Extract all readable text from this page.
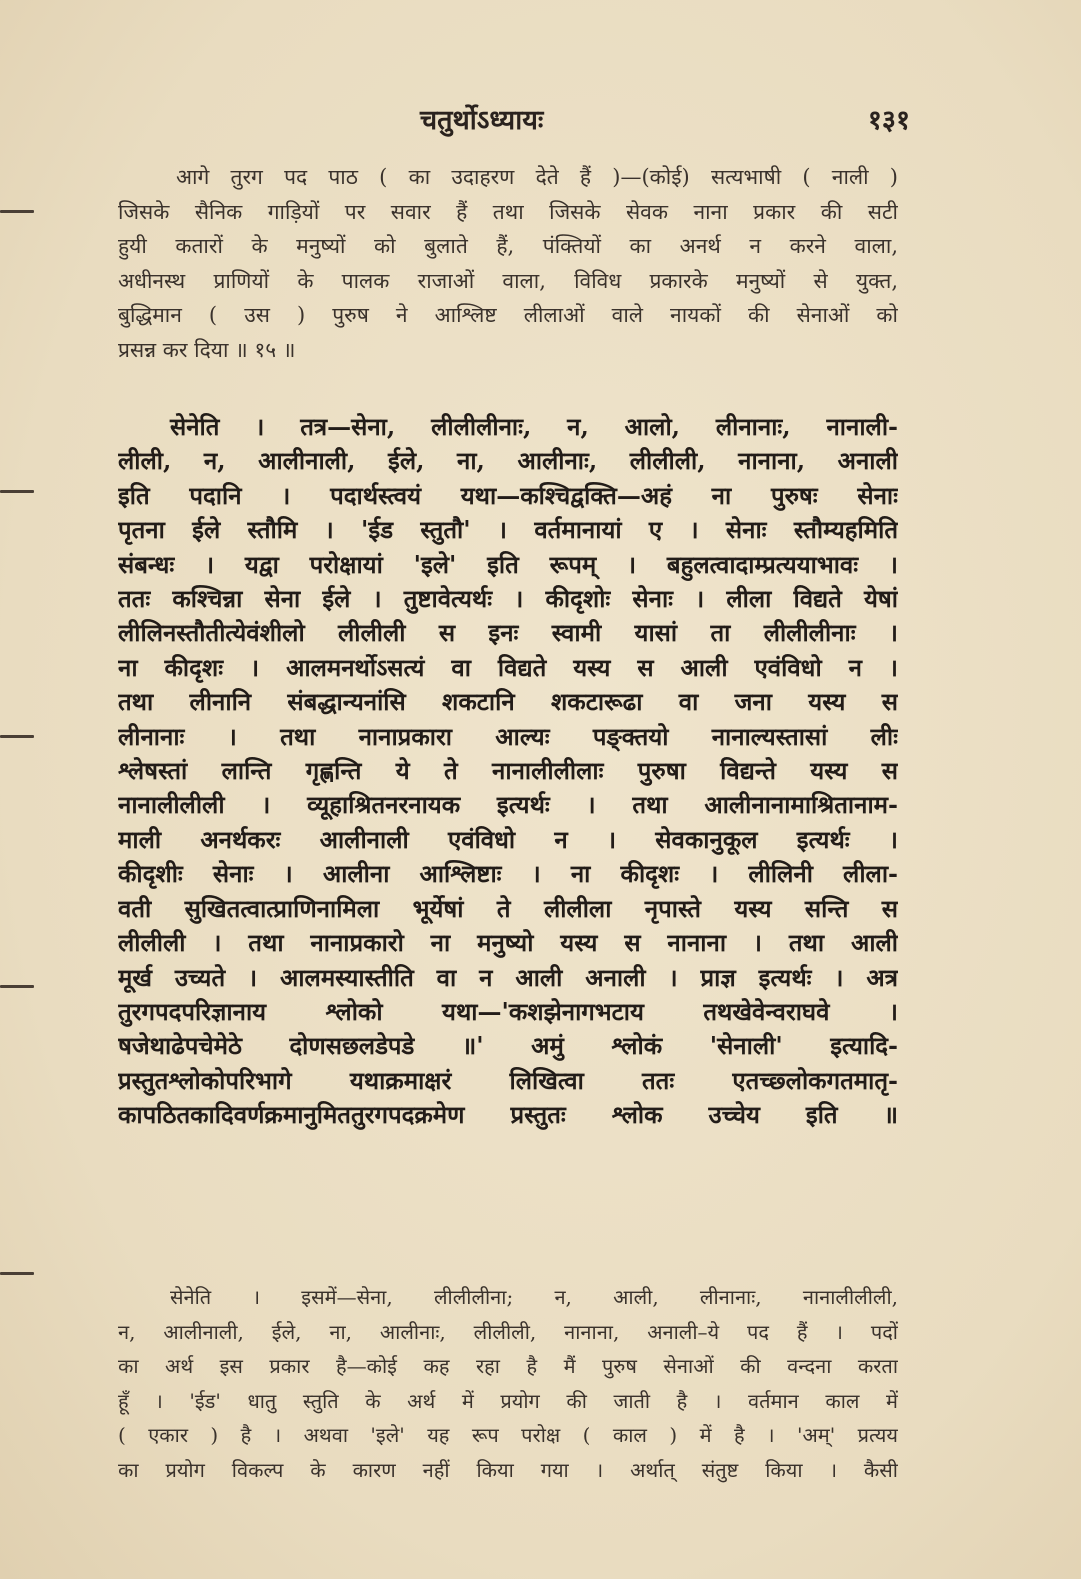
चतुर्थोऽध्यायः	१३१
आगे तुरग पद पाठ ( का उदाहरण देते हैं )—(कोई) सत्यभाषी ( नाली )
जिसके सैनिक गाड़ियों पर सवार हैं तथा जिसके सेवक नाना प्रकार की सटी
हुयी कतारों के मनुष्यों को बुलाते हैं, पंक्तियों का अनर्थ न करने वाला,
अधीनस्थ प्राणियों के पालक राजाओं वाला, विविध प्रकारके मनुष्यों से युक्त,
बुद्धिमान ( उस ) पुरुष ने आश्लिष्ट लीलाओं वाले नायकों की सेनाओं को
प्रसन्न कर दिया ॥ १५ ॥
सेनेति । तत्र—सेना, लीलीलीनाः, न, आलो, लीनानाः, नानाली-
लीली, न, आलीनाली, ईले, ना, आलीनाः, लीलीली, नानाना, अनाली
इति पदानि । पदार्थस्त्वयं यथा—कश्चिद्वक्ति—अहं ना पुरुषः सेनाः
पृतना ईले स्तौमि । 'ईड स्तुतौ' । वर्तमानायां ए । सेनाः स्तौम्यहमिति
संबन्धः । यद्वा परोक्षायां 'इले' इति रूपम् । बहुलत्वादाम्प्रत्ययाभावः ।
ततः कश्चिन्ना सेना ईले । तुष्टावेत्यर्थः । कीदृशोः सेनाः । लीला विद्यते येषां
लीलिनस्तौतीत्येवंशीलो लीलीली स इनः स्वामी यासां ता लीलीलीनाः ।
ना कीदृशः । आलमनर्थोऽसत्यं वा विद्यते यस्य स आली एवंविधो न ।
तथा लीनानि संबद्धान्यनांसि शकटानि शकटारूढा वा जना यस्य स
लीनानाः । तथा नानाप्रकारा आल्यः पङ्क्तयो नानाल्यस्तासां लीः
श्लेषस्तां लान्ति गृह्णन्ति ये ते नानालीलीलाः पुरुषा विद्यन्ते यस्य स
नानालीलीली । व्यूहाश्रितनरनायक इत्यर्थः । तथा आलीनानामाश्रितानाम-
माली अनर्थकरः आलीनाली एवंविधो न । सेवकानुकूल इत्यर्थः ।
कीदृशीः सेनाः । आलीना आश्लिष्टाः । ना कीदृशः । लीलिनी लीला-
वती सुखितत्वात्प्राणिनामिला भूर्येषां ते लीलीला नृपास्ते यस्य सन्ति स
लीलीली । तथा नानाप्रकारो ना मनुष्यो यस्य स नानाना । तथा आली
मूर्ख उच्यते । आलमस्यास्तीति वा न आली अनाली । प्राज्ञ इत्यर्थः । अत्र
तुरगपदपरिज्ञानाय श्लोको यथा—'कशझेनागभटाय तथखेवेन्वराघवे ।
षजेथाढेपचेमेठे दोणसछलडेपडे ॥' अमुं श्लोकं 'सेनाली' इत्यादि-
प्रस्तुतश्लोकोपरिभागे यथाक्रमाक्षरं लिखित्वा ततः एतच्छ्लोकगतमातृ-
कापठितकादिवर्णक्रमानुमिततुरगपदक्रमेण प्रस्तुतः श्लोक उच्चेय इति ॥
सेनेति । इसमें—सेना, लीलीलीना; न, आली, लीनानाः, नानालीलीली,
न, आलीनाली, ईले, ना, आलीनाः, लीलीली, नानाना, अनाली–ये पद हैं । पदों
का अर्थ इस प्रकार है—कोई कह रहा है मैं पुरुष सेनाओं की वन्दना करता
हूँ । 'ईड' धातु स्तुति के अर्थ में प्रयोग की जाती है । वर्तमान काल में
( एकार ) है । अथवा 'इले' यह रूप परोक्ष ( काल ) में है । 'अम्' प्रत्यय
का प्रयोग विकल्प के कारण नहीं किया गया । अर्थात् संतुष्ट किया । कैसी
